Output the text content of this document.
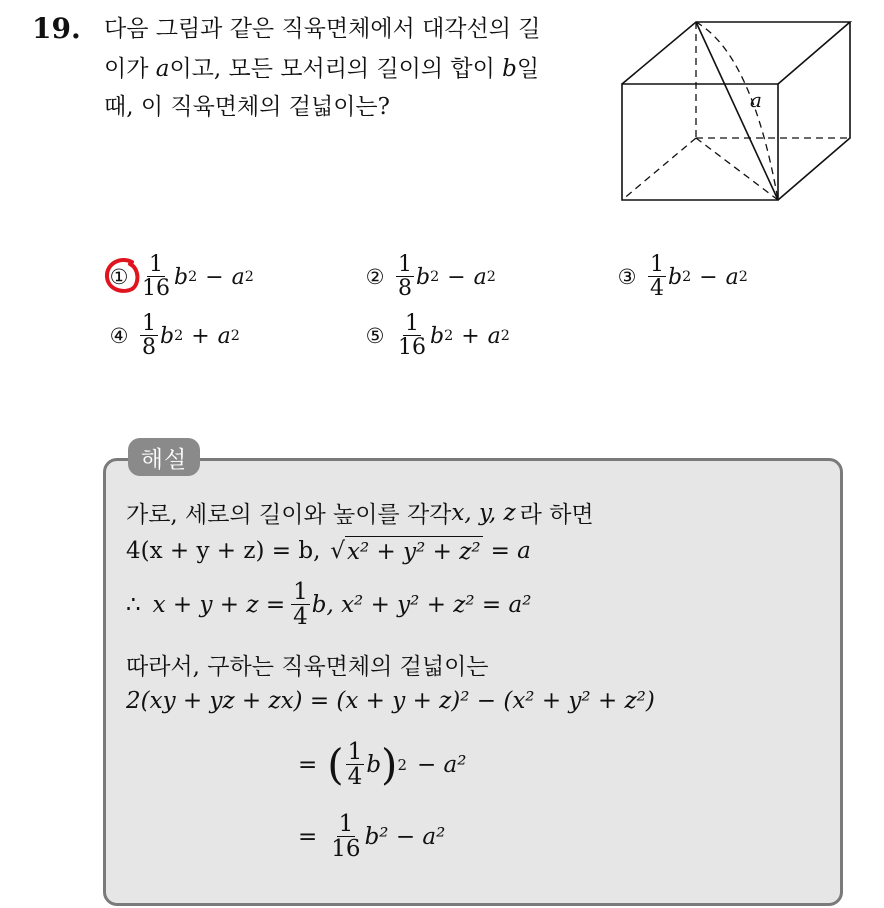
19. 다음 그림과 같은 직육면체에서 대각선의 길
이가 a이고, 모든 모서리의 길이의 합이 b일
때, 이 직육면체의 겉넓이는?	a
① $\frac{1}{16}$ b 2 − a 2	② $\frac{1}{8}$ b 2 − a 2	③ $\frac{1}{4}$ b 2 − a 2
④ $\frac{1}{8}$ b 2 + a 2	⑤ $\frac{1}{16}$ b 2 + a 2
해설
가로, 세로의 길이와 높이를 각각 x, y, z 라 하면
4(x + y + z) = b, √ x² + y² + z² = a
∴ $x + y + z = \frac{1}{4} b$, x² + y² + z² = a²
따라서, 구하는 직육면체의 겉넓이는
2(xy + yz + zx) = (x + y + z)² − (x² + y² + z²)
= ( $\frac{1}{4}$ b ) 2 − a²
= $\frac{1}{16} b^2 - a^2$
